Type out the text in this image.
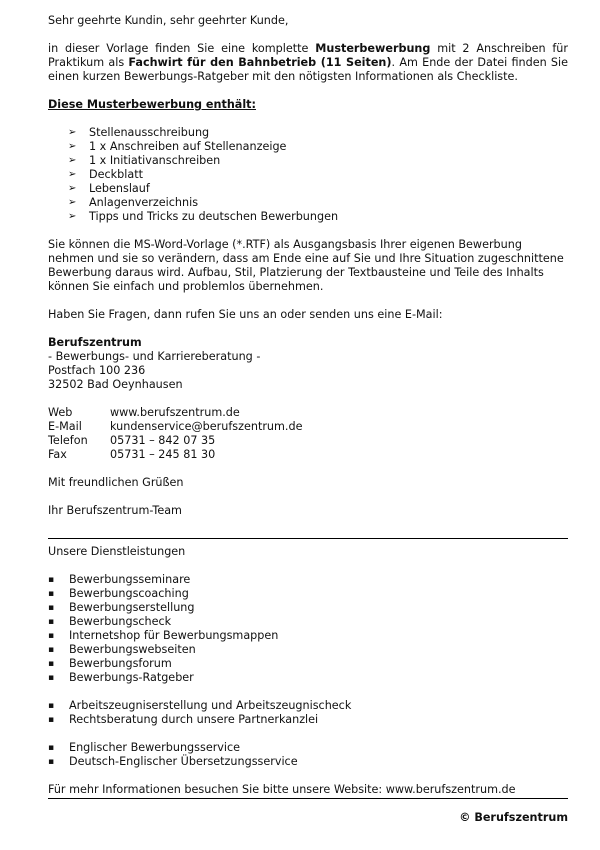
Sehr geehrte Kundin, sehr geehrter Kunde,

in dieser Vorlage finden Sie eine komplette Musterbewerbung mit 2 Anschreiben für Praktikum als Fachwirt für den Bahnbetrieb (11 Seiten). Am Ende der Datei finden Sie einen kurzen Bewerbungs-Ratgeber mit den nötigsten Informationen als Checkliste.

Diese Musterbewerbung enthält:

➢ Stellenausschreibung
➢ 1 x Anschreiben auf Stellenanzeige
➢ 1 x Initiativanschreiben
➢ Deckblatt
➢ Lebenslauf
➢ Anlagenverzeichnis
➢ Tipps und Tricks zu deutschen Bewerbungen

Sie können die MS-Word-Vorlage (*.RTF) als Ausgangsbasis Ihrer eigenen Bewerbung nehmen und sie so verändern, dass am Ende eine auf Sie und Ihre Situation zugeschnittene Bewerbung daraus wird. Aufbau, Stil, Platzierung der Textbausteine und Teile des Inhalts können Sie einfach und problemlos übernehmen.

Haben Sie Fragen, dann rufen Sie uns an oder senden uns eine E-Mail:

Berufszentrum

- Bewerbungs- und Karriereberatung -

Postfach 100 236

32502 Bad Oeynhausen

Web	www.berufszentrum.de
E-Mail	kundenservice@berufszentrum.de
Telefon	05731 – 842 07 35
Fax	05731 – 245 81 30

Mit freundlichen Grüßen

Ihr Berufszentrum-Team

Unsere Dienstleistungen

▪ Bewerbungsseminare
▪ Bewerbungscoaching
▪ Bewerbungserstellung
▪ Bewerbungscheck
▪ Internetshop für Bewerbungsmappen
▪ Bewerbungswebseiten
▪ Bewerbungsforum
▪ Bewerbungs-Ratgeber
▪ Arbeitszeugniserstellung und Arbeitszeugnischeck
▪ Rechtsberatung durch unsere Partnerkanzlei
▪ Englischer Bewerbungsservice
▪ Deutsch-Englischer Übersetzungsservice

Für mehr Informationen besuchen Sie bitte unsere Website: www.berufszentrum.de

© Berufszentrum
